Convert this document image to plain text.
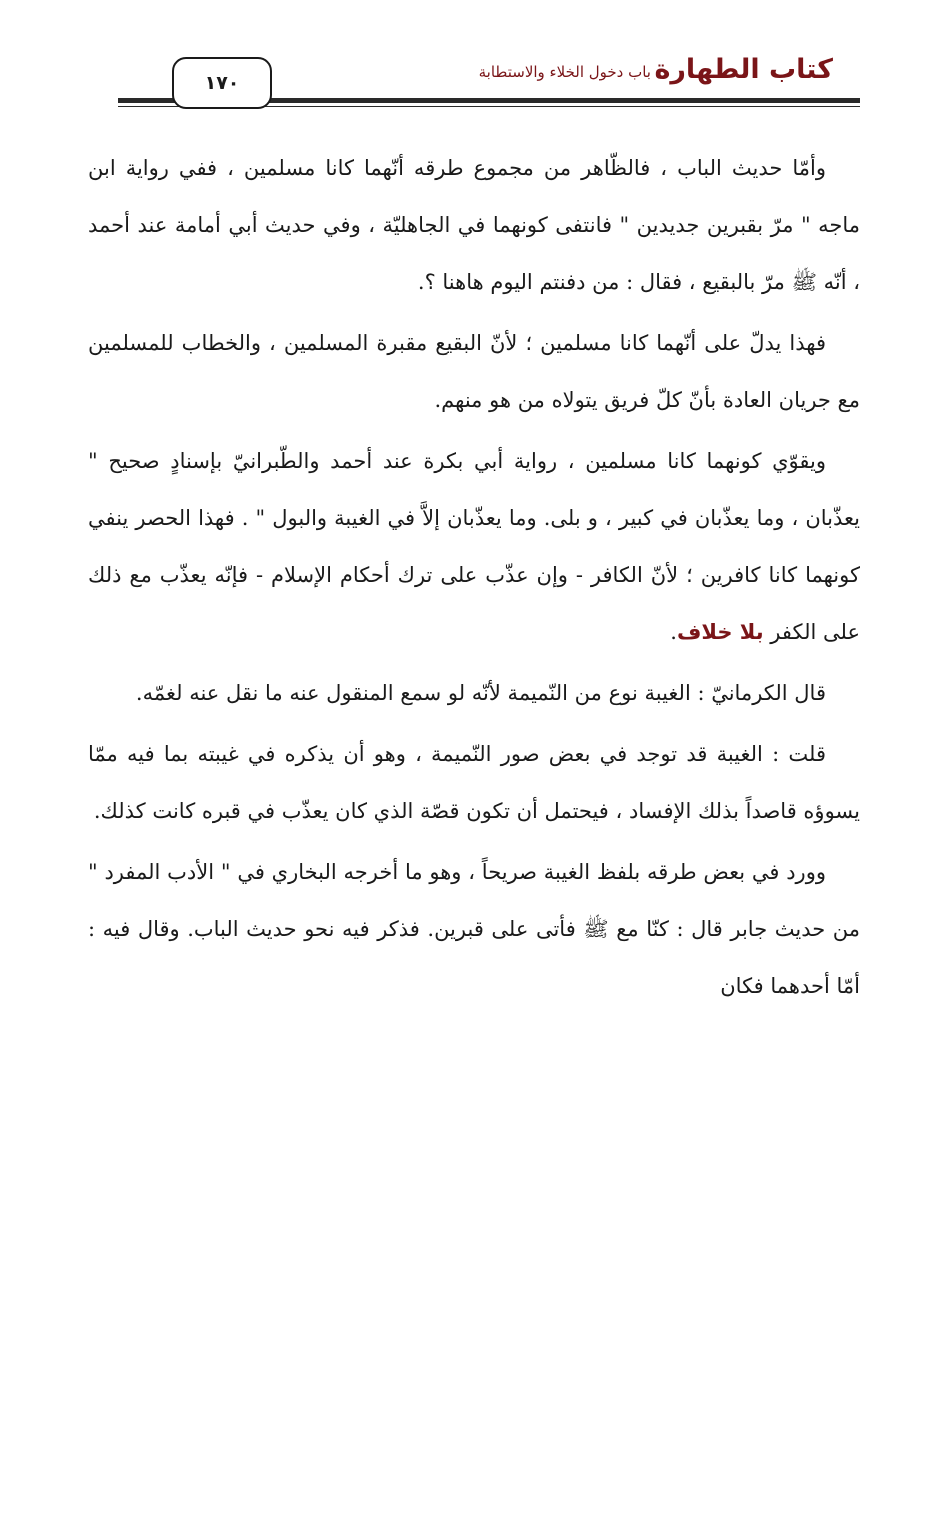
كتاب الطهارة
باب دخول الخلاء والاستطابة
١٧٠

وأمّا حديث الباب ، فالظّاهر من مجموع طرقه أنّهما كانا مسلمين ، ففي رواية ابن ماجه " مرّ بقبرين جديدين " فانتفى كونهما في الجاهليّة ، وفي حديث أبي أمامة عند أحمد ، أنّه ﷺ مرّ بالبقيع ، فقال : من دفنتم اليوم هاهنا ؟.

فهذا يدلّ على أنّهما كانا مسلمين ؛ لأنّ البقيع مقبرة المسلمين ، والخطاب للمسلمين مع جريان العادة بأنّ كلّ فريق يتولاه من هو منهم.

ويقوّي كونهما كانا مسلمين ، رواية أبي بكرة عند أحمد والطّبرانيّ بإسنادٍ صحيح " يعذّبان ، وما يعذّبان في كبير ، و بلى. وما يعذّبان إلاَّ في الغيبة والبول " . فهذا الحصر ينفي كونهما كانا كافرين ؛ لأنّ الكافر - وإن عذّب على ترك أحكام الإسلام - فإنّه يعذّب مع ذلك على الكفر بلا خلاف.

قال الكرمانيّ : الغيبة نوع من النّميمة لأنّه لو سمع المنقول عنه ما نقل عنه لغمّه.

قلت : الغيبة قد توجد في بعض صور النّميمة ، وهو أن يذكره في غيبته بما فيه ممّا يسوؤه قاصداً بذلك الإفساد ، فيحتمل أن تكون قصّة الذي كان يعذّب في قبره كانت كذلك.

وورد في بعض طرقه بلفظ الغيبة صريحاً ، وهو ما أخرجه البخاري في " الأدب المفرد " من حديث جابر قال : كنّا مع ﷺ فأتى على قبرين. فذكر فيه نحو حديث الباب. وقال فيه : أمّا أحدهما فكان
